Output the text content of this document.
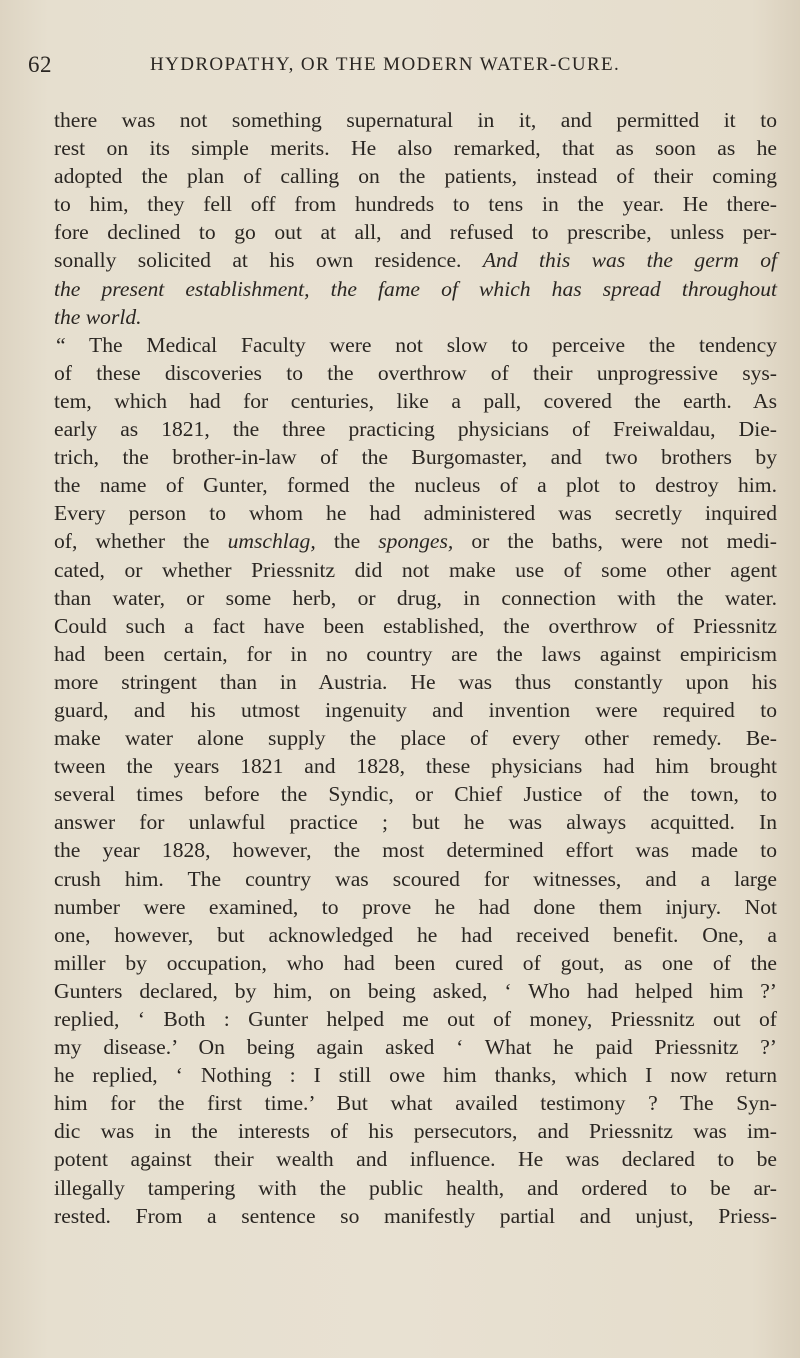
62	HYDROPATHY, OR THE MODERN WATER-CURE.
there was not something supernatural in it, and permitted it to
rest on its simple merits. He also remarked, that as soon as he
adopted the plan of calling on the patients, instead of their coming
to him, they fell off from hundreds to tens in the year. He there-
fore declined to go out at all, and refused to prescribe, unless per-
sonally solicited at his own residence. And this was the germ of
the present establishment, the fame of which has spread throughout
the world.
“ The Medical Faculty were not slow to perceive the tendency
of these discoveries to the overthrow of their unprogressive sys-
tem, which had for centuries, like a pall, covered the earth. As
early as 1821, the three practicing physicians of Freiwaldau, Die-
trich, the brother-in-law of the Burgomaster, and two brothers by
the name of Gunter, formed the nucleus of a plot to destroy him.
Every person to whom he had administered was secretly inquired
of, whether the umschlag, the sponges, or the baths, were not medi-
cated, or whether Priessnitz did not make use of some other agent
than water, or some herb, or drug, in connection with the water.
Could such a fact have been established, the overthrow of Priessnitz
had been certain, for in no country are the laws against empiricism
more stringent than in Austria. He was thus constantly upon his
guard, and his utmost ingenuity and invention were required to
make water alone supply the place of every other remedy. Be-
tween the years 1821 and 1828, these physicians had him brought
several times before the Syndic, or Chief Justice of the town, to
answer for unlawful practice ; but he was always acquitted. In
the year 1828, however, the most determined effort was made to
crush him. The country was scoured for witnesses, and a large
number were examined, to prove he had done them injury. Not
one, however, but acknowledged he had received benefit. One, a
miller by occupation, who had been cured of gout, as one of the
Gunters declared, by him, on being asked, ‘ Who had helped him ?’
replied, ‘ Both : Gunter helped me out of money, Priessnitz out of
my disease.’ On being again asked ‘ What he paid Priessnitz ?’
he replied, ‘ Nothing : I still owe him thanks, which I now return
him for the first time.’ But what availed testimony ? The Syn-
dic was in the interests of his persecutors, and Priessnitz was im-
potent against their wealth and influence. He was declared to be
illegally tampering with the public health, and ordered to be ar-
rested. From a sentence so manifestly partial and unjust, Priess-
